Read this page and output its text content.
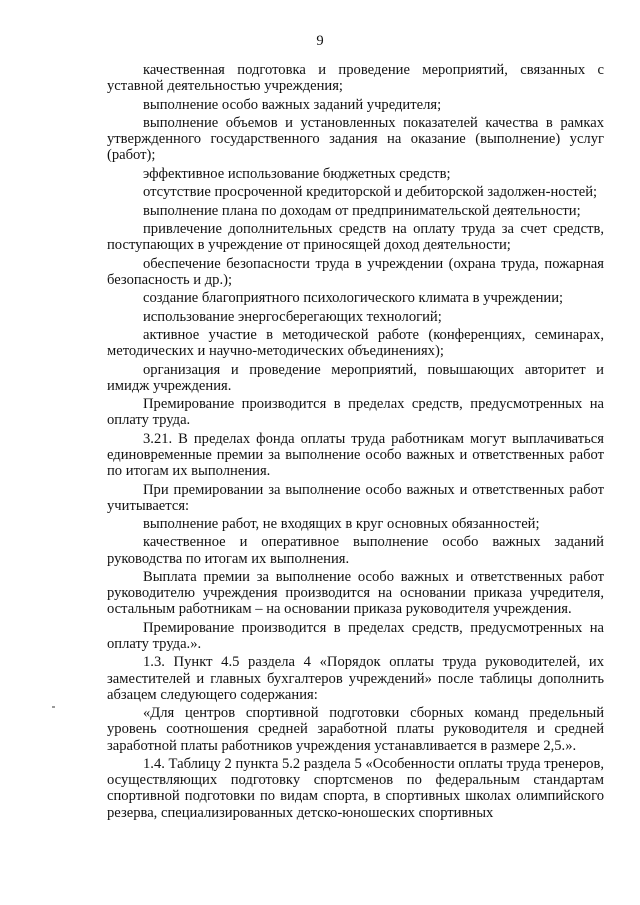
9

качественная подготовка и проведение мероприятий, связанных с уставной деятельностью учреждения;

выполнение особо важных заданий учредителя;

выполнение объемов и установленных показателей качества в рамках утвержденного государственного задания на оказание (выполнение) услуг (работ);

эффективное использование бюджетных средств;

отсутствие просроченной кредиторской и дебиторской задолжен-ностей;

выполнение плана по доходам от предпринимательской деятельности;

привлечение дополнительных средств на оплату труда за счет средств, поступающих в учреждение от приносящей доход деятельности;

обеспечение безопасности труда в учреждении (охрана труда, пожарная безопасность и др.);

создание благоприятного психологического климата в учреждении;

использование энергосберегающих технологий;

активное участие в методической работе (конференциях, семинарах, методических и научно-методических объединениях);

организация и проведение мероприятий, повышающих авторитет и имидж учреждения.

Премирование производится в пределах средств, предусмотренных на оплату труда.

3.21. В пределах фонда оплаты труда работникам могут выплачиваться единовременные премии за выполнение особо важных и ответственных работ по итогам их выполнения.

При премировании за выполнение особо важных и ответственных работ учитывается:

выполнение работ, не входящих в круг основных обязанностей;

качественное и оперативное выполнение особо важных заданий руководства по итогам их выполнения.

Выплата премии за выполнение особо важных и ответственных работ руководителю учреждения производится на основании приказа учредителя, остальным работникам – на основании приказа руководителя учреждения.

Премирование производится в пределах средств, предусмотренных на оплату труда.».

1.3. Пункт 4.5 раздела 4 «Порядок оплаты труда руководителей, их заместителей и главных бухгалтеров учреждений» после таблицы дополнить абзацем следующего содержания:

«Для центров спортивной подготовки сборных команд предельный уровень соотношения средней заработной платы руководителя и средней заработной платы работников учреждения устанавливается в размере 2,5.».

1.4. Таблицу 2 пункта 5.2 раздела 5 «Особенности оплаты труда тренеров, осуществляющих подготовку спортсменов по федеральным стандартам спортивной подготовки по видам спорта, в спортивных школах олимпийского резерва, специализированных детско-юношеских спортивных
